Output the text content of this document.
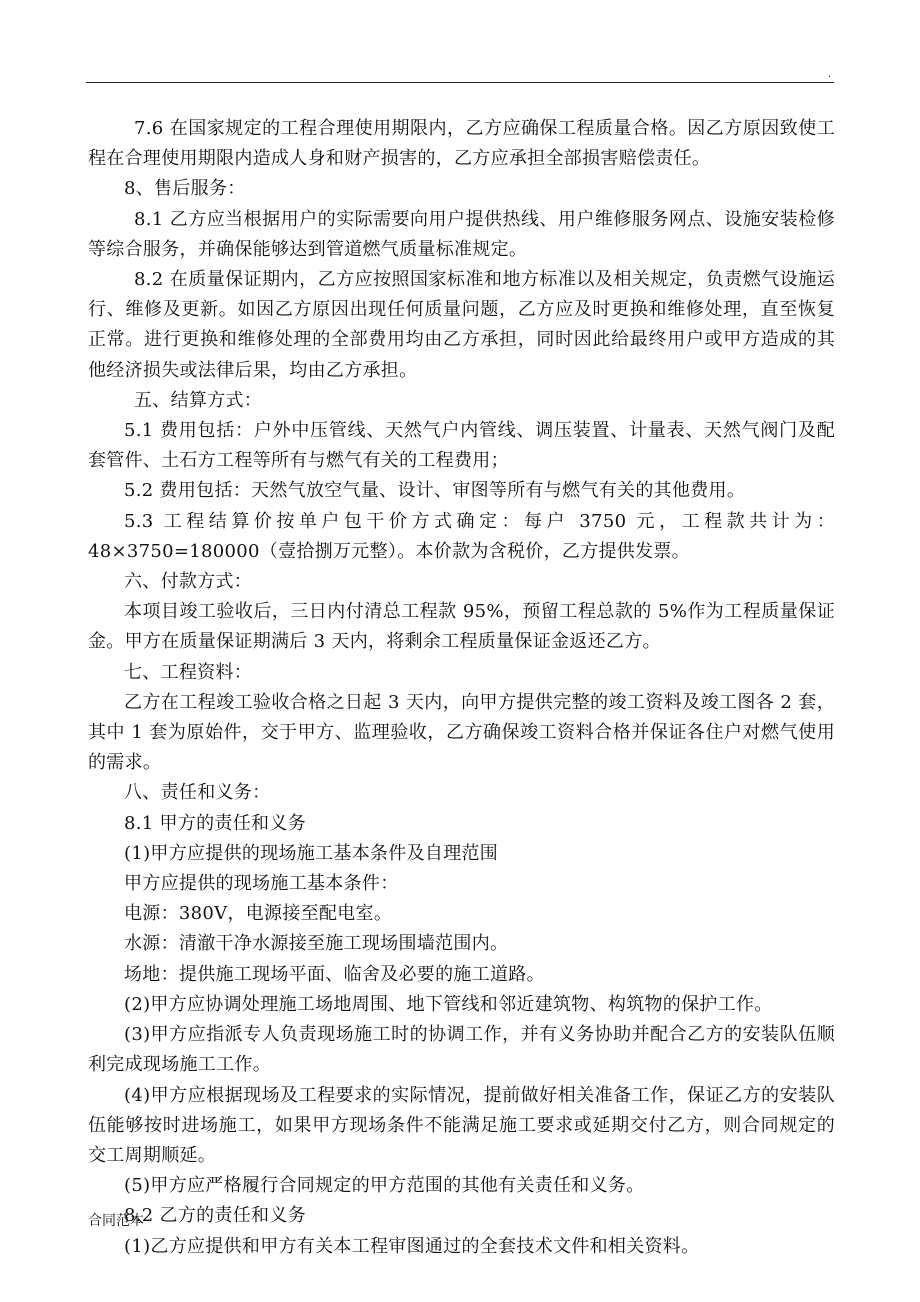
.

7.6 在国家规定的工程合理使用期限内，乙方应确保工程质量合格。因乙方原因致使工程在合理使用期限内造成人身和财产损害的，乙方应承担全部损害赔偿责任。

8、售后服务：

8.1 乙方应当根据用户的实际需要向用户提供热线、用户维修服务网点、设施安装检修等综合服务，并确保能够达到管道燃气质量标准规定。

8.2 在质量保证期内，乙方应按照国家标准和地方标准以及相关规定，负责燃气设施运行、维修及更新。如因乙方原因出现任何质量问题，乙方应及时更换和维修处理，直至恢复正常。进行更换和维修处理的全部费用均由乙方承担，同时因此给最终用户或甲方造成的其他经济损失或法律后果，均由乙方承担。

五、结算方式：

5.1 费用包括：户外中压管线、天然气户内管线、调压装置、计量表、天然气阀门及配套管件、土石方工程等所有与燃气有关的工程费用；

5.2 费用包括：天然气放空气量、设计、审图等所有与燃气有关的其他费用。

5.3 工程结算价按单户包干价方式确定：每户 3750 元，工程款共计为：48×3750=180000（壹拾捌万元整）。本价款为含税价，乙方提供发票。

六、付款方式：

本项目竣工验收后，三日内付清总工程款 95%，预留工程总款的 5%作为工程质量保证金。甲方在质量保证期满后 3 天内，将剩余工程质量保证金返还乙方。

七、工程资料：

乙方在工程竣工验收合格之日起 3 天内，向甲方提供完整的竣工资料及竣工图各 2 套，其中 1 套为原始件，交于甲方、监理验收，乙方确保竣工资料合格并保证各住户对燃气使用的需求。

八、责任和义务：

8.1 甲方的责任和义务

(1)甲方应提供的现场施工基本条件及自理范围

甲方应提供的现场施工基本条件：

电源：380V，电源接至配电室。

水源：清澈干净水源接至施工现场围墙范围内。

场地：提供施工现场平面、临舍及必要的施工道路。

(2)甲方应协调处理施工场地周围、地下管线和邻近建筑物、构筑物的保护工作。

(3)甲方应指派专人负责现场施工时的协调工作，并有义务协助并配合乙方的安装队伍顺利完成现场施工工作。

(4)甲方应根据现场及工程要求的实际情况，提前做好相关准备工作，保证乙方的安装队伍能够按时进场施工，如果甲方现场条件不能满足施工要求或延期交付乙方，则合同规定的交工周期顺延。

(5)甲方应严格履行合同规定的甲方范围的其他有关责任和义务。

8.2 乙方的责任和义务

(1)乙方应提供和甲方有关本工程审图通过的全套技术文件和相关资料。

合同范本
